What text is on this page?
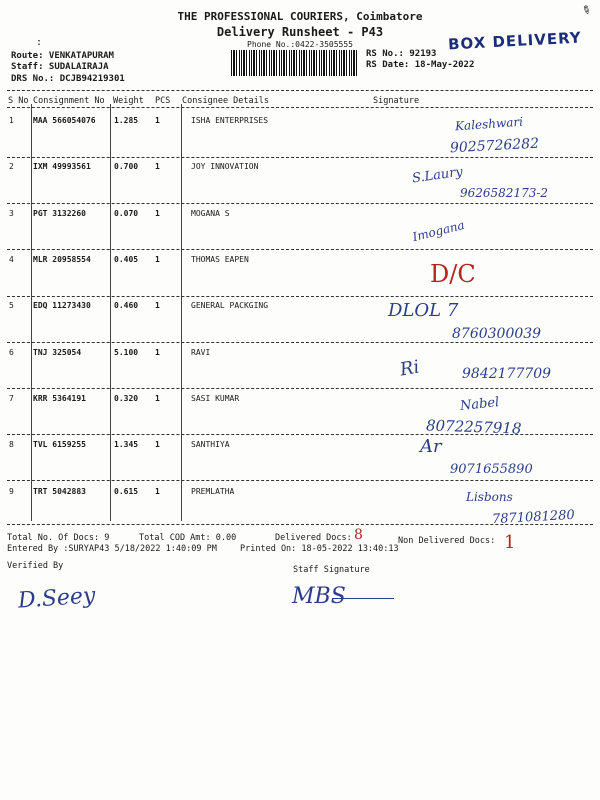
THE PROFESSIONAL COURIERS, Coimbatore
Delivery Runsheet - P43
Phone No.:0422-3505555
✎
:
Route: VENKATAPURAM
Staff: SUDALAIRAJA
DRS No.: DCJB94219301
RS No.: 92193
RS Date: 18-May-2022
BOX DELIVERY
S No Consignment No Weight PCS Consignee Details	Signature
1 MAA 566054076 1.285 1	ISHA ENTERPRISES	Kaleshwari
9025726282
2 IXM 49993561	0.700 1	JOY INNOVATION	S.Laury
9626582173-2
3 PGT 3132260	0.070 1	MOGANA S
Imogana
4 MLR 20958554	0.405 1	THOMAS EAPEN
D/C
5 EDQ 11273430	0.460 1	GENERAL PACKGING	DLOL 7
8760300039
6 TNJ 325054	5.100 1	RAVI
Ri	9842177709
7 KRR 5364191	0.320 1	SASI KUMAR	Nabel
8072257918
8 TVL 6159255	1.345 1	SANTHIYA	Ar
9071655890
9 TRT 5042883	0.615 1	PREMLATHA	Lisbons
7871081280
Total No. Of Docs: 9	Total COD Amt: 0.00	Delivered Docs: 8	Non Delivered Docs: 1
Entered By :SURYAP43 5/18/2022 1:40:09 PM	Printed On: 18-05-2022 13:40:13
Verified By	Staff Signature
D.Seey	MBS
